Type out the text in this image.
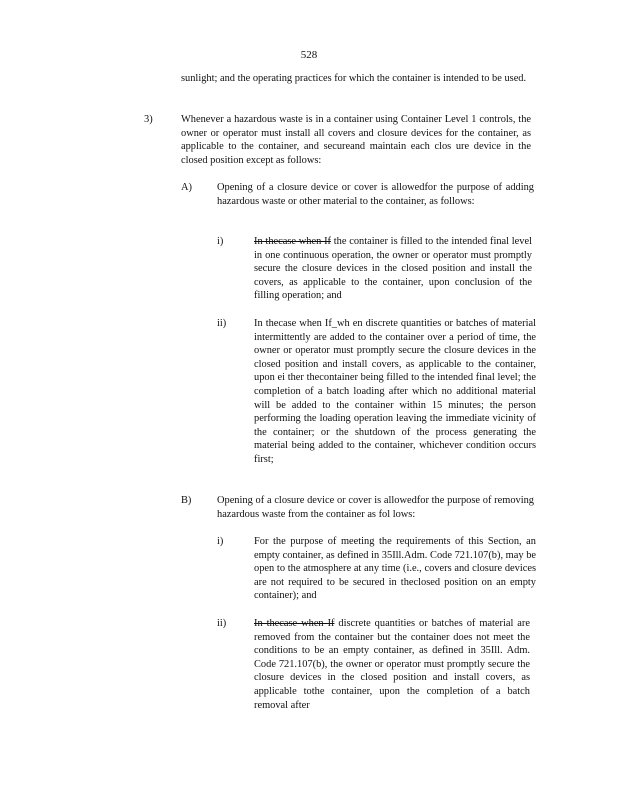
528
sunlight; and the operating practices for which the container is intended to be used.
3)	Whenever a hazardous waste is in a container using Container Level 1 controls, the owner or operator must install all covers and closure devices for the container, as applicable to the container, and secureand maintain each clos ure device in the closed position except as follows:
A) Opening of a closure device or cover is allowedfor the purpose of adding hazardous waste or other material to the container, as follows:
i)	In thecase when If the container is filled to the intended final level in one continuous operation, the owner or operator must promptly secure the closure devices in the closed position and install the covers, as applicable to the container, upon conclusion of the filling operation; and
ii)	In thecase when If_wh en discrete quantities or batches of material intermittently are added to the container over a period of time, the owner or operator must promptly secure the closure devices in the closed position and install covers, as applicable to the container, upon ei ther thecontainer being filled to the intended final level; the completion of a batch loading after which no additional material will be added to the container within 15 minutes; the person performing the loading operation leaving the immediate vicinity of the container; or the shutdown of the process generating the material being added to the container, whichever condition occurs first;
B) Opening of a closure device or cover is allowedfor the purpose of removing hazardous waste from the container as fol lows:
i)	For the purpose of meeting the requirements of this Section, an empty container, as defined in 35Ill.Adm. Code 721.107(b), may be open to the atmosphere at any time (i.e., covers and closure devices are not required to be secured in theclosed position on an empty container); and
ii)	In thecase when If discrete quantities or batches of material are removed from the container but the container does not meet the conditions to be an empty container, as defined in 35Ill. Adm. Code 721.107(b), the owner or operator must promptly secure the closure devices in the closed position and install covers, as applicable tothe container, upon the completion of a batch removal after
